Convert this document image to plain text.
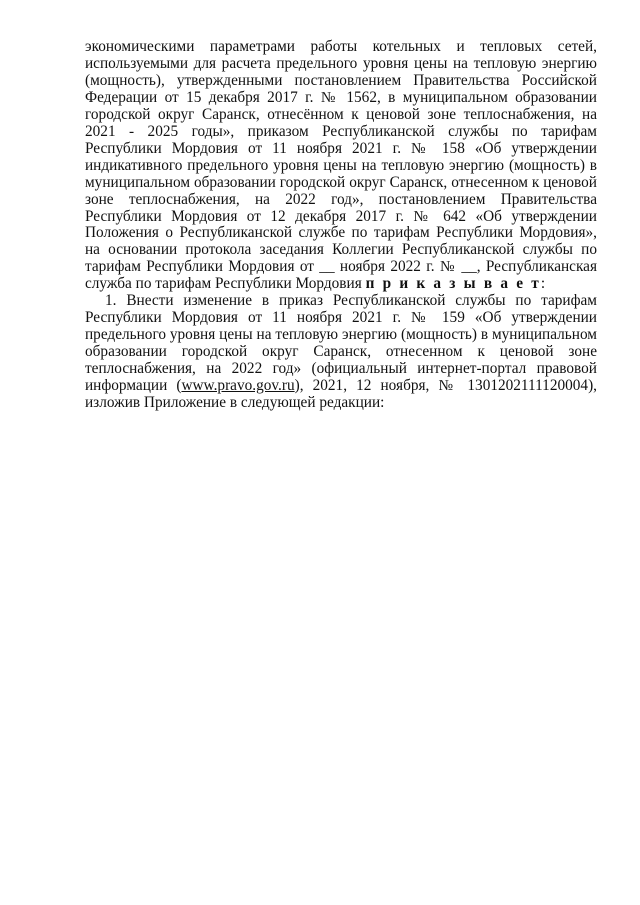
экономическими параметрами работы котельных и тепловых сетей, используемыми для расчета предельного уровня цены на тепловую энергию (мощность), утвержденными постановлением Правительства Российской Федерации от 15 декабря 2017 г. № 1562, в муниципальном образовании городской округ Саранск, отнесённом к ценовой зоне теплоснабжения, на 2021 - 2025 годы», приказом Республиканской службы по тарифам Республики Мордовия от 11 ноября 2021 г. № 158 «Об утверждении индикативного предельного уровня цены на тепловую энергию (мощность) в муниципальном образовании городской округ Саранск, отнесенном к ценовой зоне теплоснабжения, на 2022 год», постановлением Правительства Республики Мордовия от 12 декабря 2017 г. № 642 «Об утверждении Положения о Республиканской службе по тарифам Республики Мордовия», на основании протокола заседания Коллегии Республиканской службы по тарифам Республики Мордовия от __ ноября 2022 г. № __, Республиканская служба по тарифам Республики Мордовия п р и к а з ы в а е т:

1. Внести изменение в приказ Республиканской службы по тарифам Республики Мордовия от 11 ноября 2021 г. № 159 «Об утверждении предельного уровня цены на тепловую энергию (мощность) в муниципальном образовании городской округ Саранск, отнесенном к ценовой зоне теплоснабжения, на 2022 год» (официальный интернет-портал правовой информации (www.pravo.gov.ru), 2021, 12 ноября, № 1301202111120004), изложив Приложение в следующей редакции:
